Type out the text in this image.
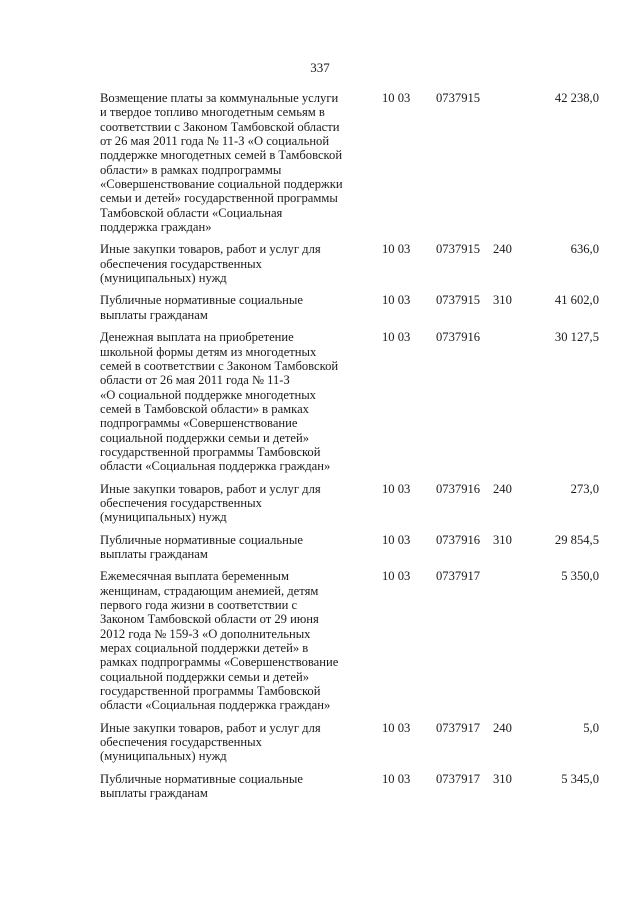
337
Возмещение платы за коммунальные услуги
и твердое топливо многодетным семьям в
соответствии с Законом Тамбовской области
от 26 мая 2011 года № 11-З «О социальной
поддержке многодетных семей в Тамбовской
области» в рамках подпрограммы
«Совершенствование социальной поддержки
семьи и детей» государственной программы
Тамбовской области «Социальная
поддержка граждан»
10 03 0737915	42 238,0
Иные закупки товаров, работ и услуг для
обеспечения государственных
(муниципальных) нужд
10 03 0737915 240	636,0
Публичные нормативные социальные
выплаты гражданам
10 03 0737915 310	41 602,0
Денежная выплата на приобретение
школьной формы детям из многодетных
семей в соответствии с Законом Тамбовской
области от 26 мая 2011 года № 11-З
«О социальной поддержке многодетных
семей в Тамбовской области» в рамках
подпрограммы «Совершенствование
социальной поддержки семьи и детей»
государственной программы Тамбовской
области «Социальная поддержка граждан»
10 03 0737916	30 127,5
Иные закупки товаров, работ и услуг для
обеспечения государственных
(муниципальных) нужд
10 03 0737916 240	273,0
Публичные нормативные социальные
выплаты гражданам
10 03 0737916 310	29 854,5
Ежемесячная выплата беременным
женщинам, страдающим анемией, детям
первого года жизни в соответствии с
Законом Тамбовской области от 29 июня
2012 года № 159-З «О дополнительных
мерах социальной поддержки детей» в
рамках подпрограммы «Совершенствование
социальной поддержки семьи и детей»
государственной программы Тамбовской
области «Социальная поддержка граждан»
10 03 0737917	5 350,0
Иные закупки товаров, работ и услуг для
обеспечения государственных
(муниципальных) нужд
10 03 0737917 240	5,0
Публичные нормативные социальные
выплаты гражданам
10 03 0737917 310	5 345,0
